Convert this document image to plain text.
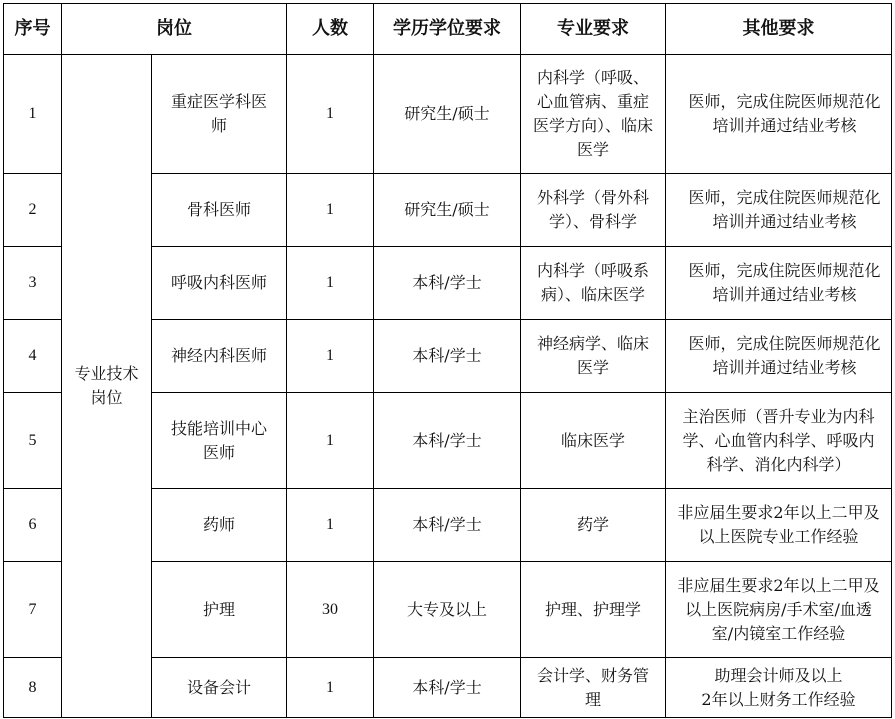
序号	岗位		人数	学历学位要求	专业要求	其他要求
1	专业技术岗位	重症医学科医师	1	研究生/硕士	内科学（呼吸、心血管病、重症医学方向）、临床医学	医师，完成住院医师规范化培训并通过结业考核
2		骨科医师	1	研究生/硕士	外科学（骨外科学）、骨科学	医师，完成住院医师规范化培训并通过结业考核
3		呼吸内科医师	1	本科/学士	内科学（呼吸系病）、临床医学	医师，完成住院医师规范化培训并通过结业考核
4		神经内科医师	1	本科/学士	神经病学、临床医学	医师，完成住院医师规范化培训并通过结业考核
5		技能培训中心医师	1	本科/学士	临床医学	主治医师（晋升专业为内科学、心血管内科学、呼吸内科学、消化内科学）
6		药师	1	本科/学士	药学	非应届生要求2年以上二甲及以上医院专业工作经验
7		护理	30	大专及以上	护理、护理学	非应届生要求2年以上二甲及以上医院病房/手术室/血透室/内镜室工作经验
8		设备会计	1	本科/学士	会计学、财务管理	助理会计师及以上
2年以上财务工作经验
